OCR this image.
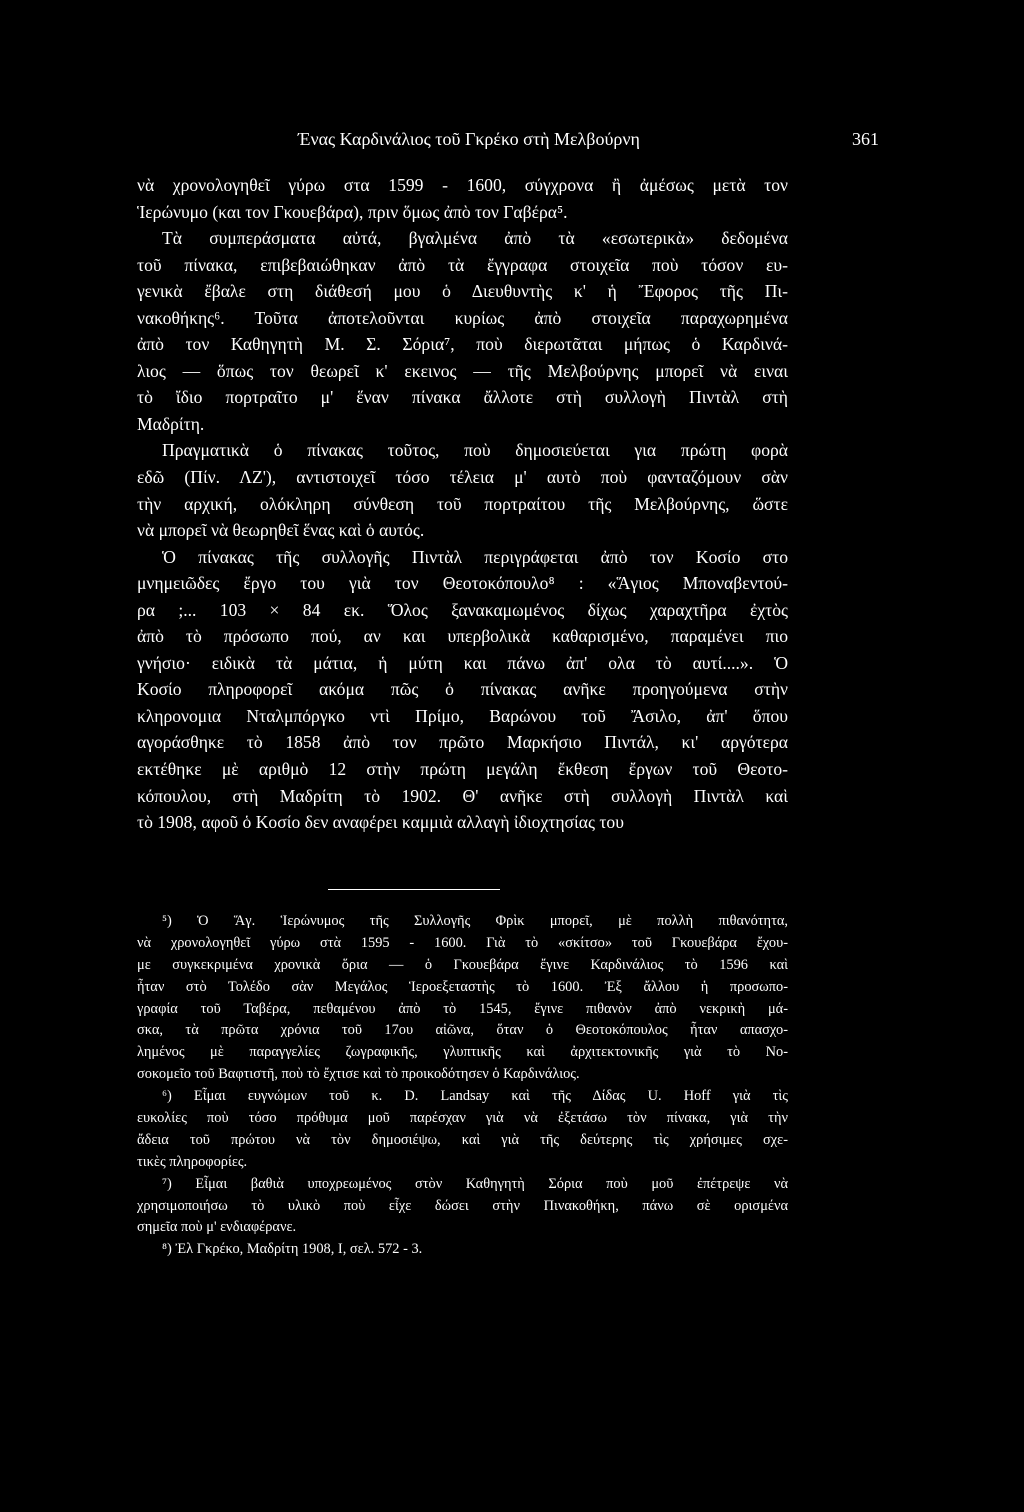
Ένας Καρδινάλιος τοῦ Γκρέκο στὴ Μελβούρνη	361
νὰ χρονολογηθεῖ γύρω στα 1599 - 1600, σύγχρονα ἢ ἀμέσως μετὰ τον
Ἱερώνυμο (και τον Γκουεβάρα), πριν ὅμως ἀπὸ τον Γαβέρα⁵.
Τὰ συμπεράσματα αὐτά, βγαλμένα ἀπὸ τὰ «εσωτερικὰ» δεδομένα
τοῦ πίνακα, επιβεβαιώθηκαν ἀπὸ τὰ ἔγγραφα στοιχεῖα ποὺ τόσον ευ-
γενικὰ ἔβαλε στη διάθεσή μου ὁ Διευθυντὴς κ' ἡ Ἔφορος τῆς Πι-
νακοθήκης⁶. Τοῦτα ἀποτελοῦνται κυρίως ἀπὸ στοιχεῖα παραχωρημένα
ἀπὸ τον Καθηγητὴ Μ. Σ. Σόρια⁷, ποὺ διερωτᾶται μήπως ὁ Καρδινά-
λιος — ὅπως τον θεωρεῖ κ' εκεινος — τῆς Μελβούρνης μπορεῖ νὰ ειναι
τὸ ἴδιο πορτραῖτο μ' ἕναν πίνακα ἄλλοτε στὴ συλλογὴ Πιντὰλ στὴ
Μαδρίτη.
Πραγματικὰ ὁ πίνακας τοῦτος, ποὺ δημοσιεύεται για πρώτη φορὰ
εδῶ (Πίν. ΛΖ'), αντιστοιχεῖ τόσο τέλεια μ' αυτὸ ποὺ φανταζόμουν σὰν
τὴν αρχική, ολόκληρη σύνθεση τοῦ πορτραίτου τῆς Μελβούρνης, ὥστε
νὰ μπορεῖ νὰ θεωρηθεῖ ἕνας καὶ ὁ αυτός.
Ὁ πίνακας τῆς συλλογῆς Πιντὰλ περιγράφεται ἀπὸ τον Κοσίο στο
μνημειῶδες ἔργο του γιὰ τον Θεοτοκόπουλο⁸ : «Ἅγιος Μποναβεντού-
ρα ;... 103 × 84 εκ. Ὅλος ξανακαμωμένος δίχως χαραχτῆρα ἐχτὸς
ἀπὸ τὸ πρόσωπο πού, αν και υπερβολικὰ καθαρισμένο, παραμένει πιο
γνήσιο· ειδικὰ τὰ μάτια, ἡ μύτη και πάνω ἀπ' ολα τὸ αυτί....». Ὁ
Κοσίο πληροφορεῖ ακόμα πῶς ὁ πίνακας ανῆκε προηγούμενα στὴν
κληρονομια Νταλμπόργκο ντὶ Πρίμο, Βαρώνου τοῦ Ἄσιλο, ἀπ' ὅπου
αγοράσθηκε τὸ 1858 ἀπὸ τον πρῶτο Μαρκήσιο Πιντάλ, κι' αργότερα
εκτέθηκε μὲ αριθμὸ 12 στὴν πρώτη μεγάλη ἔκθεση ἔργων τοῦ Θεοτο-
κόπουλου, στὴ Μαδρίτη τὸ 1902. Θ' ανῆκε στὴ συλλογὴ Πιντὰλ καὶ
τὸ 1908, αφοῦ ὁ Κοσίο δεν αναφέρει καμμιὰ αλλαγὴ ἰδιοχτησίας του
⁵) Ὁ Ἅγ. Ἱερώνυμος τῆς Συλλογῆς Φρὶκ μπορεῖ, μὲ πολλὴ πιθανότητα,
νὰ χρονολογηθεῖ γύρω στὰ 1595 - 1600. Γιὰ τὸ «σκίτσο» τοῦ Γκουεβάρα ἔχου-
με συγκεκριμένα χρονικὰ ὅρια — ὁ Γκουεβάρα ἔγινε Καρδινάλιος τὸ 1596 καὶ
ἦταν στὸ Τολέδο σὰν Μεγάλος Ἱεροεξεταστὴς τὸ 1600. Ἐξ ἄλλου ἡ προσωπο-
γραφία τοῦ Ταβέρα, πεθαμένου ἀπὸ τὸ 1545, ἔγινε πιθανὸν ἀπὸ νεκρικὴ μά-
σκα, τὰ πρῶτα χρόνια τοῦ 17ου αἰῶνα, ὅταν ὁ Θεοτοκόπουλος ἦταν απασχο-
λημένος μὲ παραγγελίες ζωγραφικῆς, γλυπτικῆς καὶ ἀρχιτεκτονικῆς γιὰ τὸ Νο-
σοκομεῖο τοῦ Βαφτιστῆ, ποὺ τὸ ἔχτισε καὶ τὸ προικοδότησεν ὁ Καρδινάλιος.
⁶) Εἶμαι ευγνώμων τοῦ κ. D. Landsay καὶ τῆς Δίδας U. Hoff γιὰ τὶς
ευκολίες ποὺ τόσο πρόθυμα μοῦ παρέσχαν γιὰ νὰ ἐξετάσω τὸν πίνακα, γιὰ τὴν
ἄδεια τοῦ πρώτου νὰ τὸν δημοσιέψω, καὶ γιὰ τῆς δεύτερης τὶς χρήσιμες σχε-
τικὲς πληροφορίες.
⁷) Εἶμαι βαθιὰ υποχρεωμένος στὸν Καθηγητὴ Σόρια ποὺ μοῦ ἐπέτρεψε νὰ
χρησιμοποιήσω τὸ υλικὸ ποὺ εἶχε δώσει στὴν Πινακοθήκη, πάνω σὲ ορισμένα
σημεῖα ποὺ μ' ενδιαφέρανε.
⁸) Ἐλ Γκρέκο, Μαδρίτη 1908, Ι, σελ. 572 - 3.
